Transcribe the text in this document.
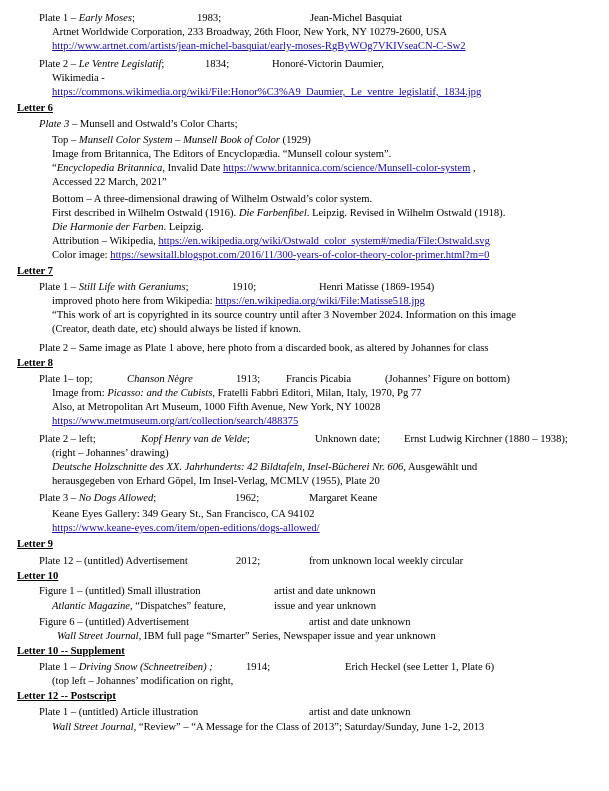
Plate 1 – Early Moses;	1983;	Jean-Michel Basquiat
Artnet Worldwide Corporation, 233 Broadway, 26th Floor, New York, NY 10279-2600, USA
http://www.artnet.com/artists/jean-michel-basquiat/early-moses-RgByWOg7VKIVseaCN-C-Sw2
Plate 2 – Le Ventre Legislatif;	1834;	Honoré-Victorin Daumier,
Wikimedia -
https://commons.wikimedia.org/wiki/File:Honor%C3%A9_Daumier,_Le_ventre_legislatif,_1834.jpg
Letter 6
Plate 3 – Munsell and Ostwald’s Color Charts;
Top – Munsell Color System – Munsell Book of Color (1929)
Image from Britannica, The Editors of Encyclopædia. “Munsell colour system”.
“Encyclopedia Britannica, Invalid Date https://www.britannica.com/science/Munsell-color-system ,
Accessed 22 March, 2021”
Bottom – A three-dimensional drawing of Wilhelm Ostwald’s color system.
First described in Wilhelm Ostwald (1916). Die Farbenfibel. Leipzig. Revised in Wilhelm Ostwald (1918).
Die Harmonie der Farben. Leipzig.
Attribution – Wikipedia, https://en.wikipedia.org/wiki/Ostwald_color_system#/media/File:Ostwald.svg
Color image: https://sewsitall.blogspot.com/2016/11/300-years-of-color-theory-color-primer.html?m=0
Letter 7
Plate 1 – Still Life with Geraniums;	1910;	Henri Matisse (1869-1954)
improved photo here from Wikipedia: https://en.wikipedia.org/wiki/File:Matisse518.jpg
“This work of art is copyrighted in its source country until after 3 November 2024. Information on this image
(Creator, death date, etc) should always be listed if known.
Plate 2 – Same image as Plate 1 above, here photo from a discarded book, as altered by Johannes for class
Letter 8
Plate 1– top;	Chanson Nègre	1913; Francis Picabia	(Johannes’ Figure on bottom)
Image from: Picasso: and the Cubists, Fratelli Fabbri Editori, Milan, Italy, 1970, Pg 77
Also, at Metropolitan Art Museum, 1000 Fifth Avenue, New York, NY 10028
https://www.metmuseum.org/art/collection/search/488375
Plate 2 – left;	Kopf Henry van de Velde;	Unknown date; Ernst Ludwig Kirchner (1880 – 1938);
(right – Johannes’ drawing)
Deutsche Holzschnitte des XX. Jahrhunderts: 42 Bildtafeln, Insel-Bücherei Nr. 606, Ausgewählt und
herausgegeben von Erhard Göpel, Im Insel-Verlag, MCMLV (1955), Plate 20
Plate 3 – No Dogs Allowed;	1962;	Margaret Keane
Keane Eyes Gallery: 349 Geary St., San Francisco, CA 94102
https://www.keane-eyes.com/item/open-editions/dogs-allowed/
Letter 9
Plate 12 – (untitled) Advertisement	2012;	from unknown local weekly circular
Letter 10
Figure 1 – (untitled) Small illustration	artist and date unknown
Atlantic Magazine, “Dispatches” feature,	issue and year unknown
Figure 6 – (untitled) Advertisement	artist and date unknown
Wall Street Journal, IBM full page “Smarter” Series, Newspaper issue and year unknown
Letter 10 -- Supplement
Plate 1 – Driving Snow (Schneetreiben) ;	1914;	Erich Heckel (see Letter 1, Plate 6)
(top left – Johannes’ modification on right,
Letter 12 -- Postscript
Plate 1 – (untitled) Article illustration	artist and date unknown
Wall Street Journal, “Review” – “A Message for the Class of 2013”; Saturday/Sunday, June 1-2, 2013
